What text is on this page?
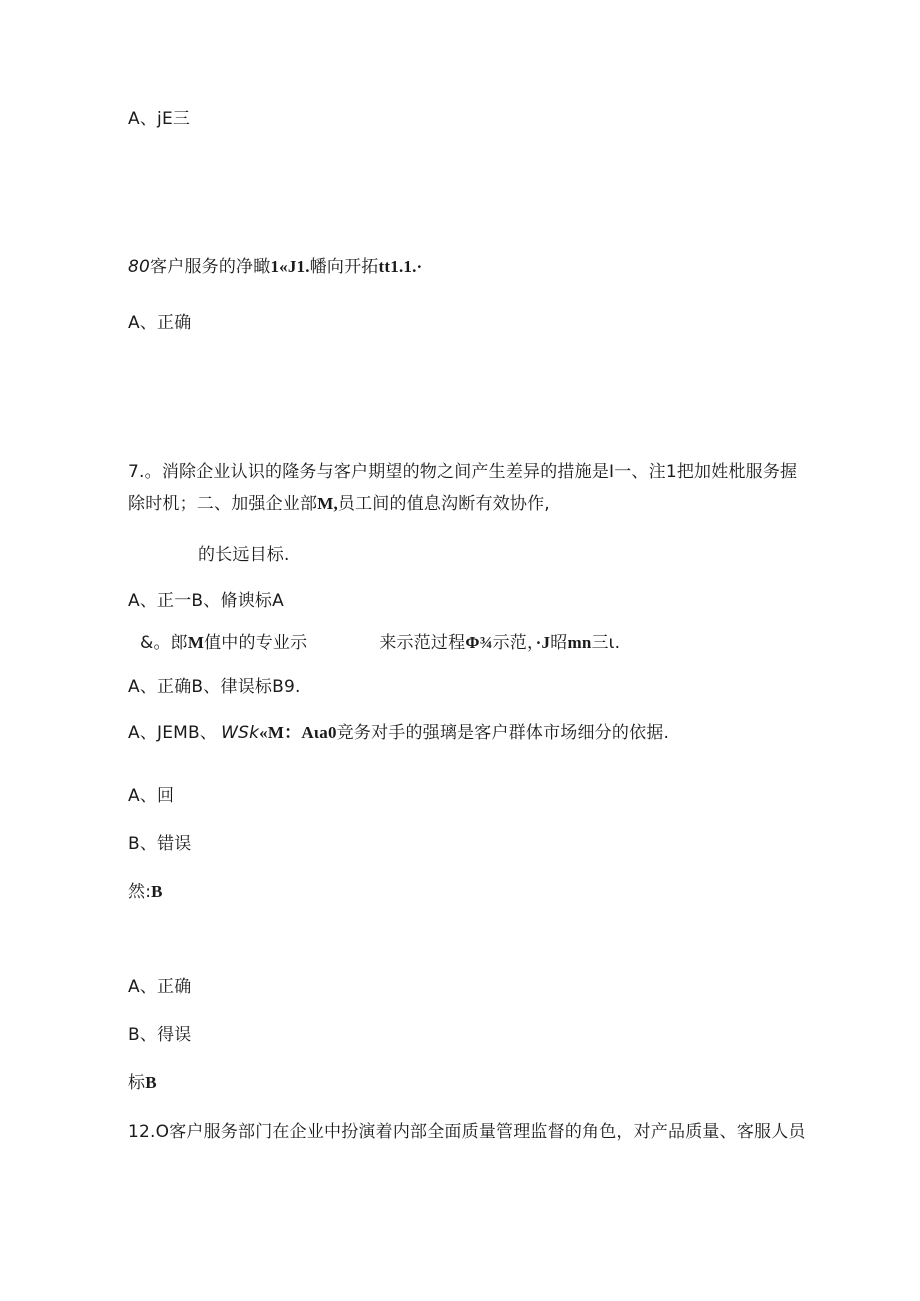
A、jE三
80客户服务的净瞰1«J1.幡向开拓tt1.1.·
A、正确
7.。消除企业认识的隆务与客户期望的物之间产生差异的措施是Ⅰ一、注1把加姓枇服务握
除时机；二、加强企业部M,员工间的值息沟断有效协作,
的长远目标.
A、正一B、脩谀标A
&。郎M值中的专业示	来示范过程Φ¾示范，·J昭mn三ι.
A、正确B、律误标B9.
A、JEMB、 WSk«M：Aιa0竞务对手的强璃是客户群体市场细分的依据.
A、回
B、错误
然:B
A、正确
B、得误
标B
12.O客户服务部门在企业中扮演着内部全面质量管理监督的角色，对产品质量、客服人员
